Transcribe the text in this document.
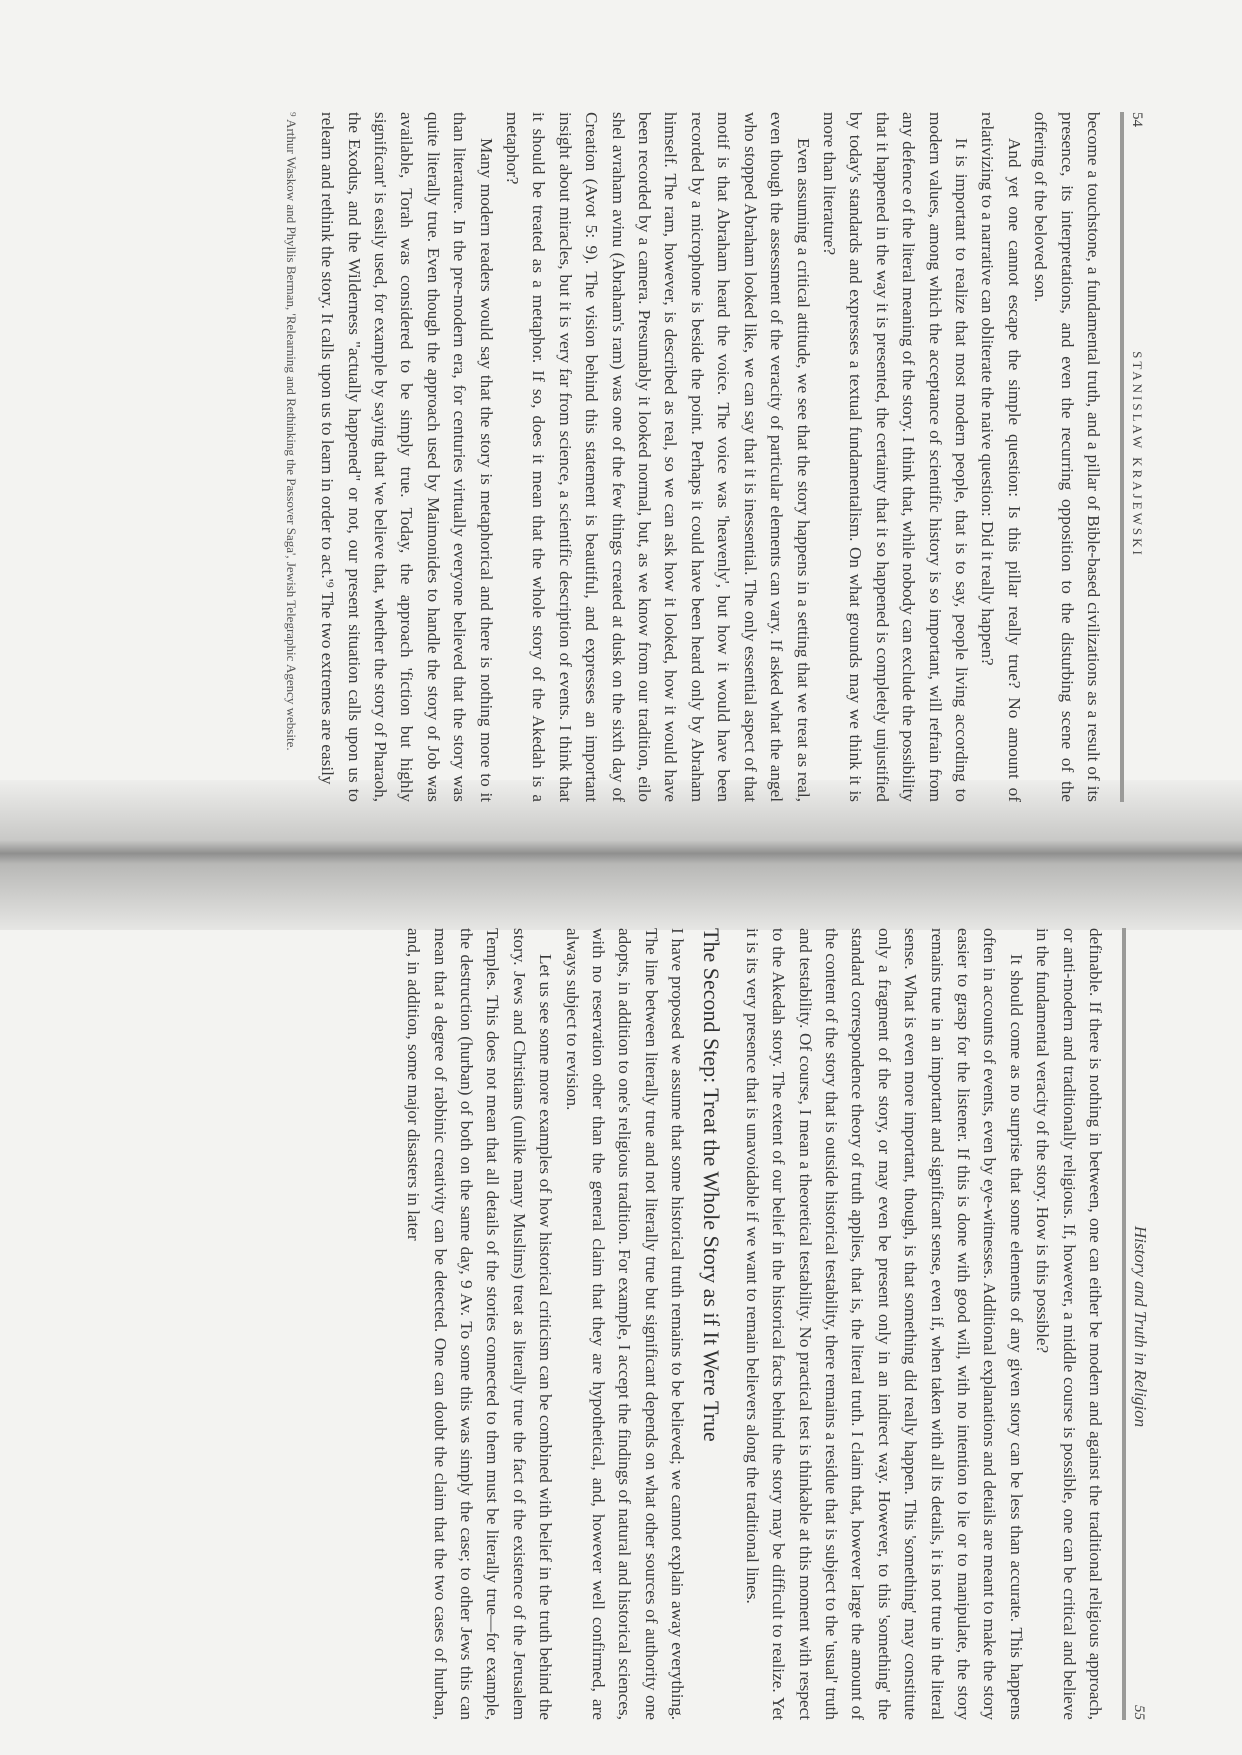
54
STANISLAW KRAJEWSKI

become a touchstone, a fundamental truth, and a pillar of Bible-based civilizations as a result of its presence, its interpretations, and even the recurring opposition to the disturbing scene of the offering of the beloved son.

And yet one cannot escape the simple question: Is this pillar really true? No amount of relativizing to a narrative can obliterate the naive question: Did it really happen?

It is important to realize that most modern people, that is to say, people living according to modern values, among which the acceptance of scientific history is so important, will refrain from any defence of the literal meaning of the story. I think that, while nobody can exclude the possibility that it happened in the way it is presented, the certainty that it so happened is completely unjustified by today's standards and expresses a textual fundamentalism. On what grounds may we think it is more than literature?

Even assuming a critical attitude, we see that the story happens in a setting that we treat as real, even though the assessment of the veracity of particular elements can vary. If asked what the angel who stopped Abraham looked like, we can say that it is inessential. The only essential aspect of that motif is that Abraham heard the voice. The voice was 'heavenly', but how it would have been recorded by a microphone is beside the point. Perhaps it could have been heard only by Abraham himself. The ram, however, is described as real, so we can ask how it looked, how it would have been recorded by a camera. Presumably it looked normal, but, as we know from our tradition, eilo shel avraham avinu (Abraham's ram) was one of the few things created at dusk on the sixth day of Creation (Avot 5: 9). The vision behind this statement is beautiful, and expresses an important insight about miracles, but it is very far from science, a scientific description of events. I think that it should be treated as a metaphor. If so, does it mean that the whole story of the Akedah is a metaphor?

Many modern readers would say that the story is metaphorical and there is nothing more to it than literature. In the pre-modern era, for centuries virtually everyone believed that the story was quite literally true. Even though the approach used by Maimonides to handle the story of Job was available, Torah was considered to be simply true. Today, the approach 'fiction but highly significant' is easily used, for example by saying that 'we believe that, whether the story of Pharaoh, the Exodus, and the Wilderness "actually happened" or not, our present situation calls upon us to relearn and rethink the story. It calls upon us to learn in order to act.'⁹ The two extremes are easily

⁹ Arthur Waskow and Phyllis Berman, 'Relearning and Rethinking the Passover Saga', Jewish Telegraphic Agency website.

History and Truth in Religion
55

definable. If there is nothing in between, one can either be modern and against the traditional religious approach, or anti-modern and traditionally religious. If, however, a middle course is possible, one can be critical and believe in the fundamental veracity of the story. How is this possible?

It should come as no surprise that some elements of any given story can be less than accurate. This happens often in accounts of events, even by eye-witnesses. Additional explanations and details are meant to make the story easier to grasp for the listener. If this is done with good will, with no intention to lie or to manipulate, the story remains true in an important and significant sense, even if, when taken with all its details, it is not true in the literal sense. What is even more important, though, is that something did really happen. This 'something' may constitute only a fragment of the story, or may even be present only in an indirect way. However, to this 'something' the standard correspondence theory of truth applies, that is, the literal truth. I claim that, however large the amount of the content of the story that is outside historical testability, there remains a residue that is subject to the 'usual' truth and testability. Of course, I mean a theoretical testability. No practical test is thinkable at this moment with respect to the Akedah story. The extent of our belief in the historical facts behind the story may be difficult to realize. Yet it is its very presence that is unavoidable if we want to remain believers along the traditional lines.

The Second Step: Treat the Whole Story as if It Were True

I have proposed we assume that some historical truth remains to be believed; we cannot explain away everything. The line between literally true and not literally true but significant depends on what other sources of authority one adopts, in addition to one's religious tradition. For example, I accept the findings of natural and historical sciences, with no reservation other than the general claim that they are hypothetical, and, however well confirmed, are always subject to revision.

Let us see some more examples of how historical criticism can be combined with belief in the truth behind the story. Jews and Christians (unlike many Muslims) treat as literally true the fact of the existence of the Jerusalem Temples. This does not mean that all details of the stories connected to them must be literally true—for example, the destruction (hurban) of both on the same day, 9 Av. To some this was simply the case; to other Jews this can mean that a degree of rabbinic creativity can be detected. One can doubt the claim that the two cases of hurban, and, in addition, some major disasters in later
